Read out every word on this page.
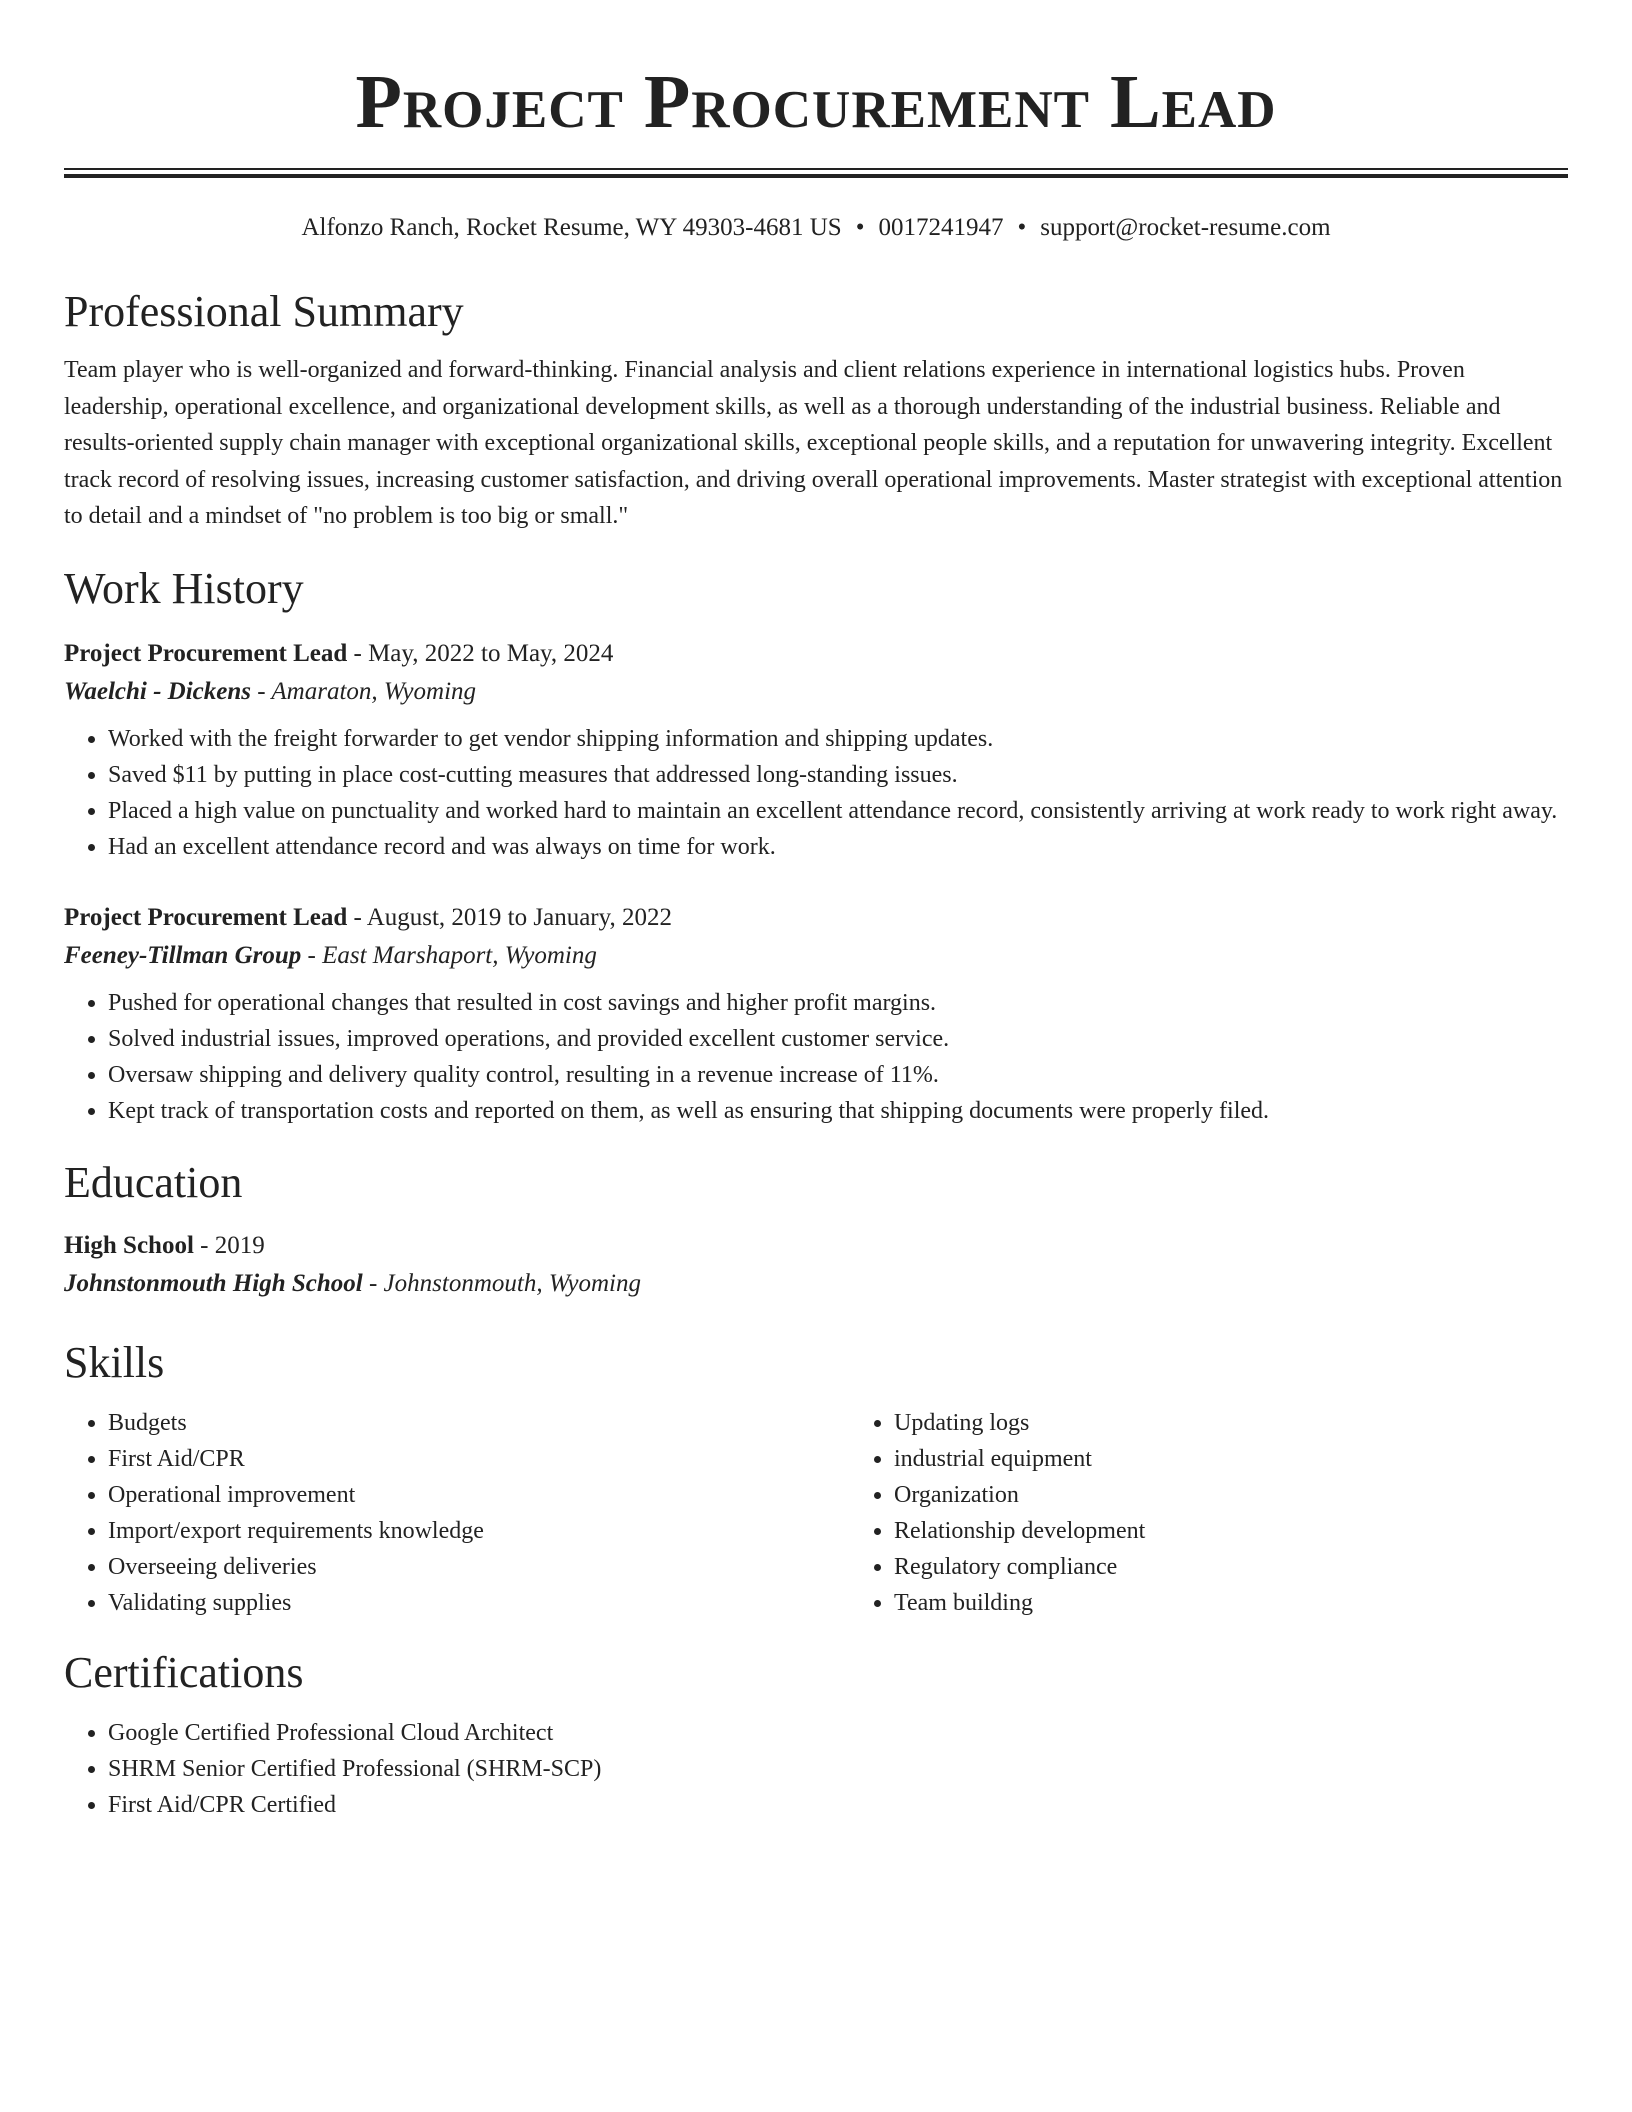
Project Procurement Lead
Alfonzo Ranch, Rocket Resume, WY 49303-4681 US • 0017241947 • support@rocket-resume.com
Professional Summary
Team player who is well-organized and forward-thinking. Financial analysis and client relations experience in international logistics hubs. Proven leadership, operational excellence, and organizational development skills, as well as a thorough understanding of the industrial business. Reliable and results-oriented supply chain manager with exceptional organizational skills, exceptional people skills, and a reputation for unwavering integrity. Excellent track record of resolving issues, increasing customer satisfaction, and driving overall operational improvements. Master strategist with exceptional attention to detail and a mindset of "no problem is too big or small."
Work History
Project Procurement Lead - May, 2022 to May, 2024
Waelchi - Dickens - Amaraton, Wyoming
• Worked with the freight forwarder to get vendor shipping information and shipping updates.
• Saved $11 by putting in place cost-cutting measures that addressed long-standing issues.
• Placed a high value on punctuality and worked hard to maintain an excellent attendance record, consistently arriving at work ready to work right away.
• Had an excellent attendance record and was always on time for work.
Project Procurement Lead - August, 2019 to January, 2022
Feeney-Tillman Group - East Marshaport, Wyoming
• Pushed for operational changes that resulted in cost savings and higher profit margins.
• Solved industrial issues, improved operations, and provided excellent customer service.
• Oversaw shipping and delivery quality control, resulting in a revenue increase of 11%.
• Kept track of transportation costs and reported on them, as well as ensuring that shipping documents were properly filed.
Education
High School - 2019
Johnstonmouth High School - Johnstonmouth, Wyoming
Skills
• Budgets
• First Aid/CPR
• Operational improvement
• Import/export requirements knowledge
• Overseeing deliveries
• Validating supplies
• Updating logs
• industrial equipment
• Organization
• Relationship development
• Regulatory compliance
• Team building
Certifications
• Google Certified Professional Cloud Architect
• SHRM Senior Certified Professional (SHRM-SCP)
• First Aid/CPR Certified
